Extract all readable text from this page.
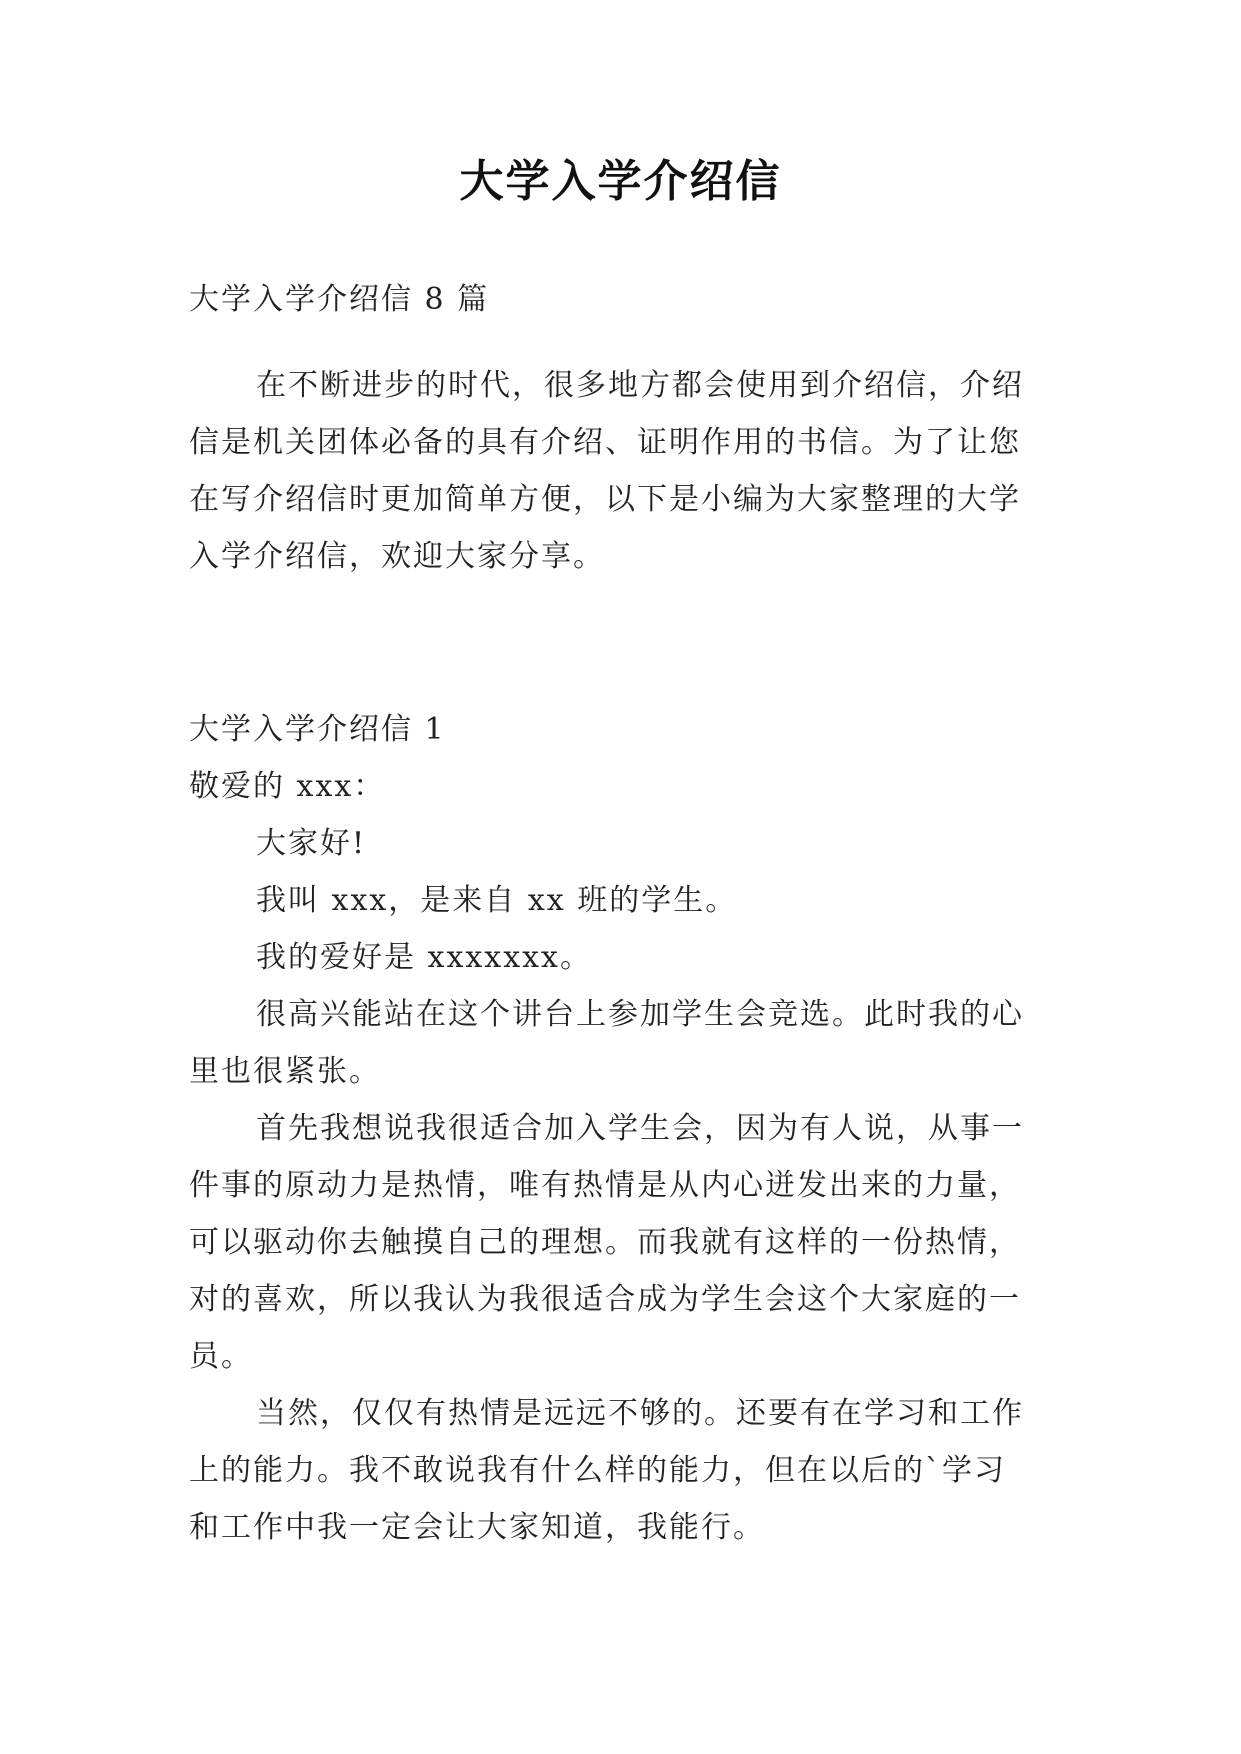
大学入学介绍信
大学入学介绍信 8 篇
在不断进步的时代，很多地方都会使用到介绍信，介绍
信是机关团体必备的具有介绍、证明作用的书信。为了让您
在写介绍信时更加简单方便，以下是小编为大家整理的大学
入学介绍信，欢迎大家分享。
大学入学介绍信 1
敬爱的 xxx：
大家好!
我叫 xxx，是来自 xx 班的学生。
我的爱好是 xxxxxxx。
很高兴能站在这个讲台上参加学生会竞选。此时我的心
里也很紧张。
首先我想说我很适合加入学生会，因为有人说，从事一
件事的原动力是热情，唯有热情是从内心迸发出来的力量，
可以驱动你去触摸自己的理想。而我就有这样的一份热情，
对的喜欢，所以我认为我很适合成为学生会这个大家庭的一
员。
当然，仅仅有热情是远远不够的。还要有在学习和工作
上的能力。我不敢说我有什么样的能力，但在以后的`学习
和工作中我一定会让大家知道，我能行。
